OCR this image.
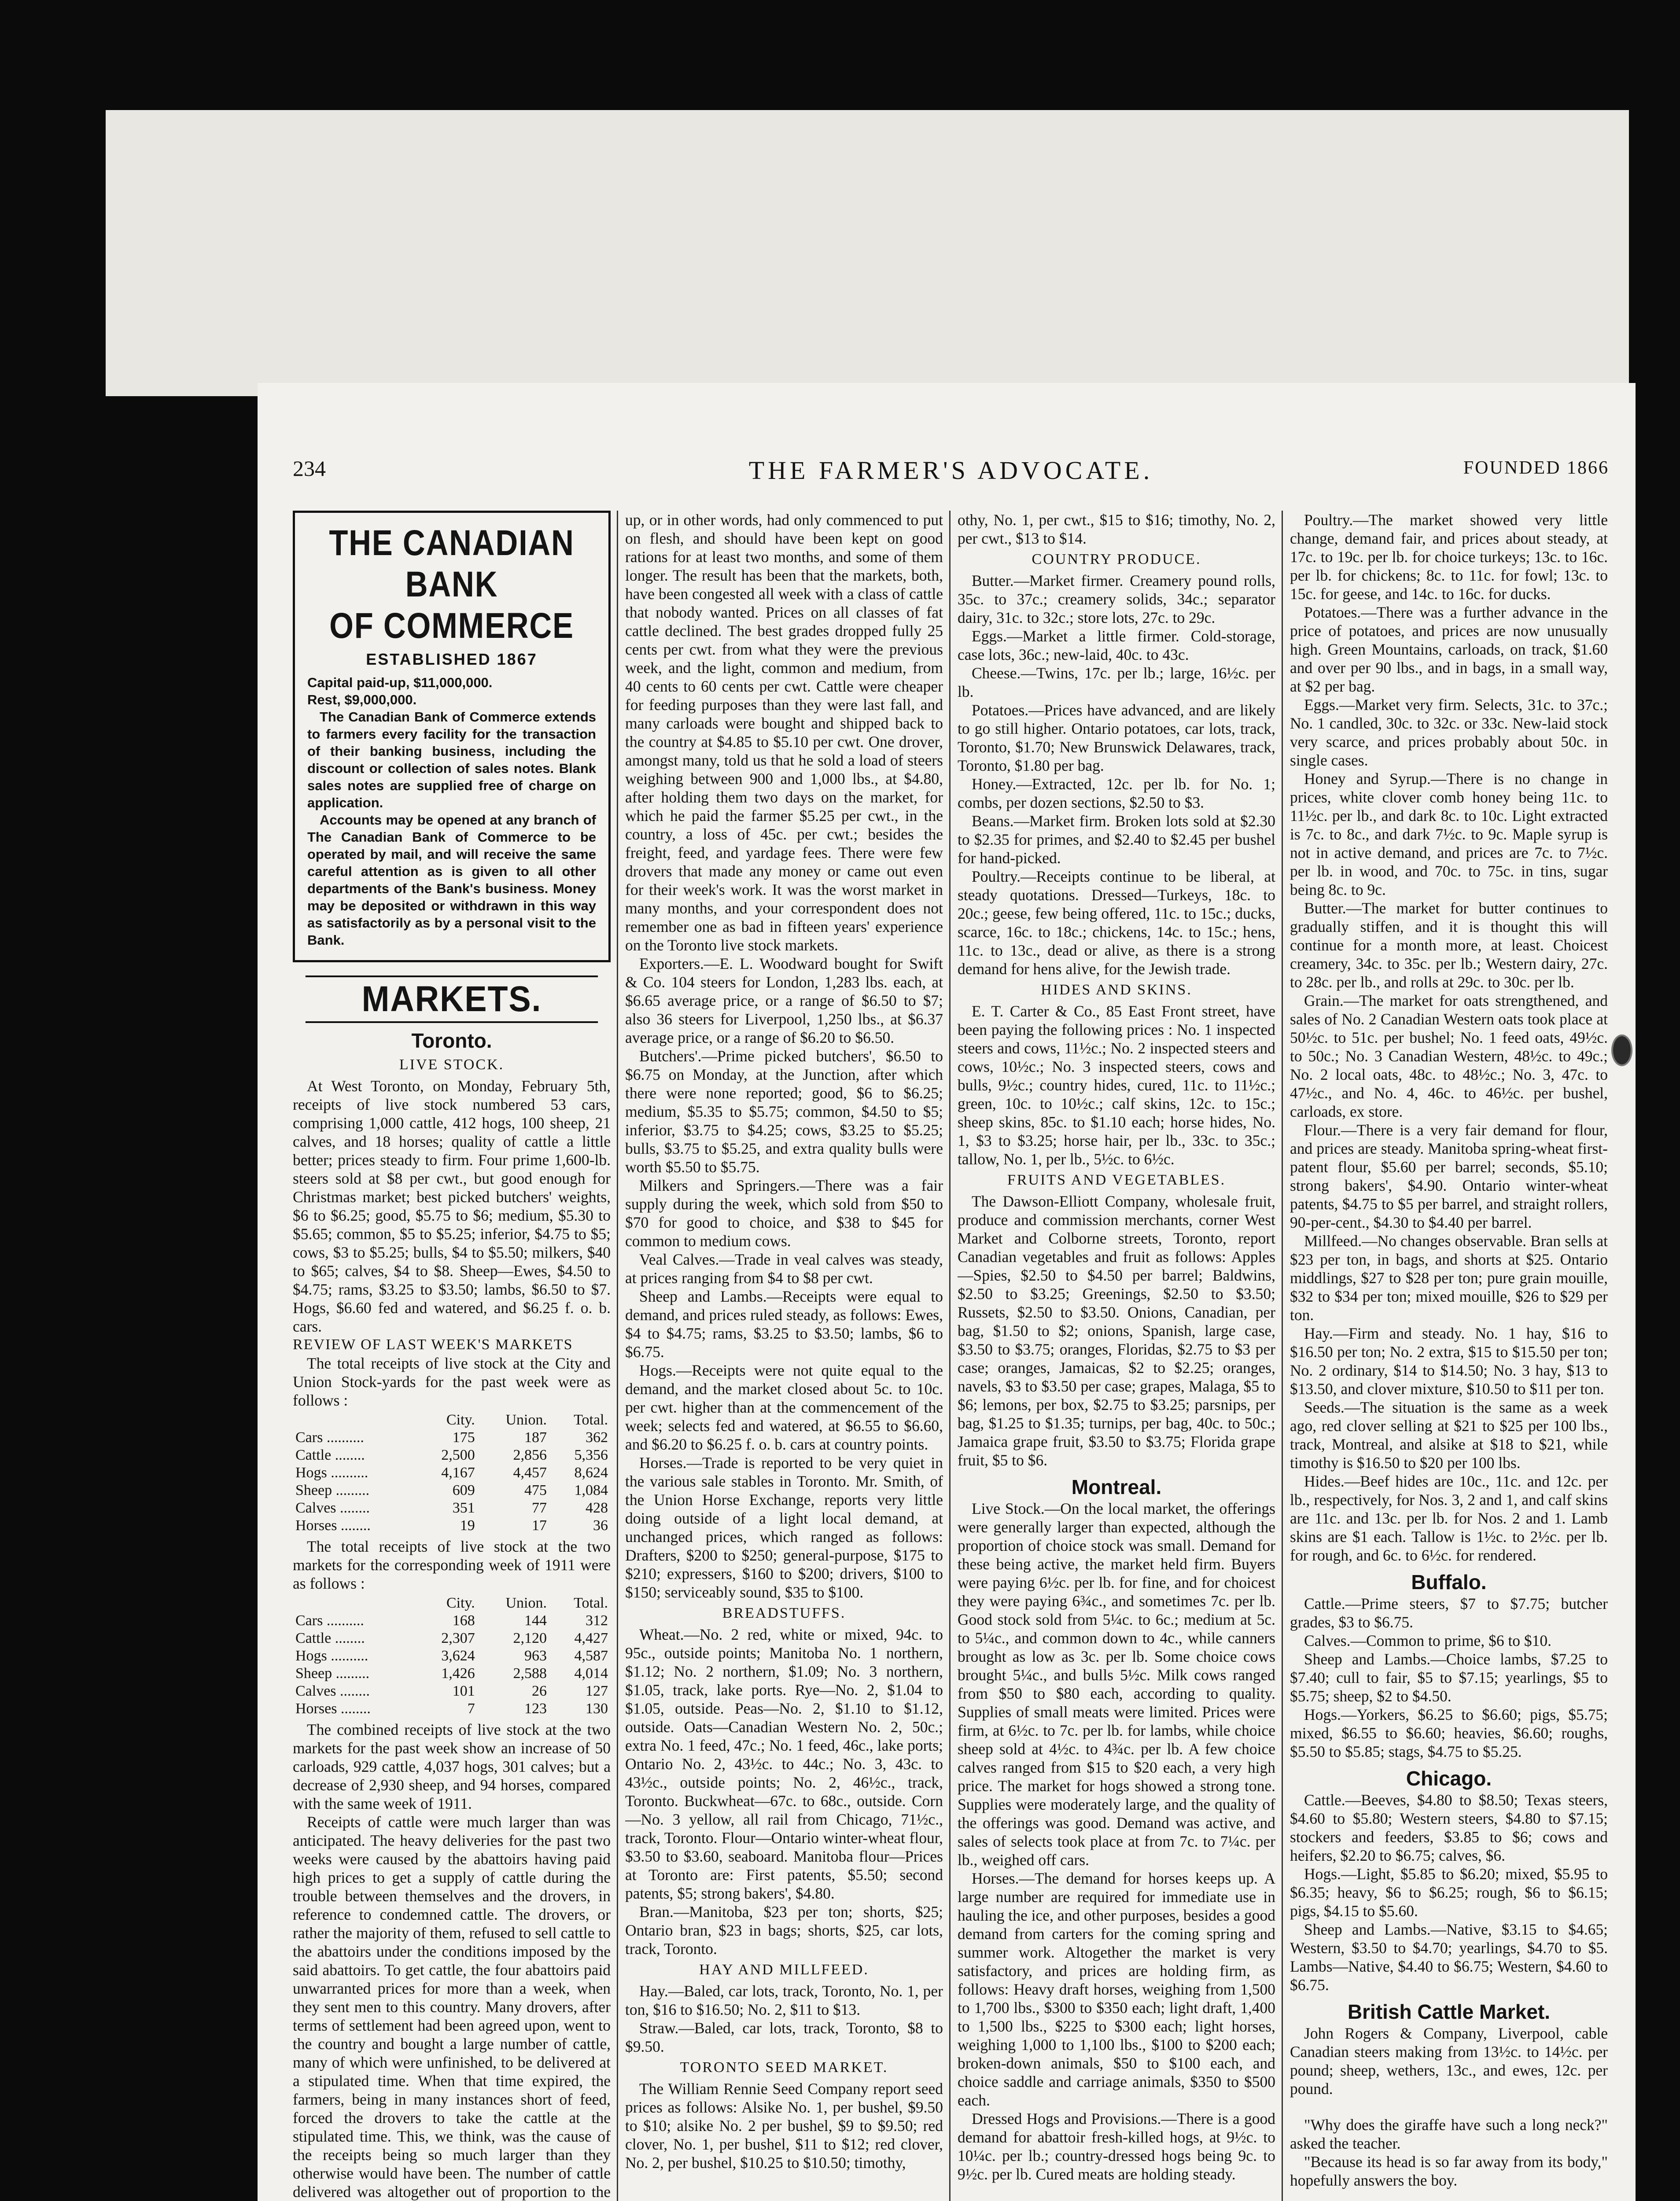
234	THE FARMER'S ADVOCATE.	FOUNDED 1866
THE CANADIAN BANK
OF COMMERCE
ESTABLISHED 1867

Capital paid-up, $11,000,000.

Rest, $9,000,000.

The Canadian Bank of Commerce extends to farmers every facility for the transaction of their banking business, including the discount or collection of sales notes. Blank sales notes are supplied free of charge on application.

Accounts may be opened at any branch of The Canadian Bank of Commerce to be operated by mail, and will receive the same careful attention as is given to all other departments of the Bank's business. Money may be deposited or withdrawn in this way as satisfactorily as by a personal visit to the Bank.

MARKETS.
Toronto.
LIVE STOCK.

At West Toronto, on Monday, February 5th, receipts of live stock numbered 53 cars, comprising 1,000 cattle, 412 hogs, 100 sheep, 21 calves, and 18 horses; quality of cattle a little better; prices steady to firm. Four prime 1,600-lb. steers sold at $8 per cwt., but good enough for Christmas market; best picked butchers' weights, $6 to $6.25; good, $5.75 to $6; medium, $5.30 to $5.65; common, $5 to $5.25; inferior, $4.75 to $5; cows, $3 to $5.25; bulls, $4 to $5.50; milkers, $40 to $65; calves, $4 to $8. Sheep—Ewes, $4.50 to $4.75; rams, $3.25 to $3.50; lambs, $6.50 to $7. Hogs, $6.60 fed and watered, and $6.25 f. o. b. cars.

REVIEW OF LAST WEEK'S MARKETS

The total receipts of live stock at the City and Union Stock-yards for the past week were as follows :

	City.	Union.	Total.
Cars ..........	175	187	362
Cattle ........	2,500	2,856	5,356
Hogs ..........	4,167	4,457	8,624
Sheep .........	609	475	1,084
Calves ........	351	77	428
Horses ........	19	17	36

The total receipts of live stock at the two markets for the corresponding week of 1911 were as follows :

	City.	Union.	Total.
Cars ..........	168	144	312
Cattle ........	2,307	2,120	4,427
Hogs ..........	3,624	963	4,587
Sheep .........	1,426	2,588	4,014
Calves ........	101	26	127
Horses ........	7	123	130

The combined receipts of live stock at the two markets for the past week show an increase of 50 carloads, 929 cattle, 4,037 hogs, 301 calves; but a decrease of 2,930 sheep, and 94 horses, compared with the same week of 1911.

Receipts of cattle were much larger than was anticipated. The heavy deliveries for the past two weeks were caused by the abattoirs having paid high prices to get a supply of cattle during the trouble between themselves and the drovers, in reference to condemned cattle. The drovers, or rather the majority of them, refused to sell cattle to the abattoirs under the conditions imposed by the said abattoirs. To get cattle, the four abattoirs paid unwarranted prices for more than a week, when they sent men to this country. Many drovers, after terms of settlement had been agreed upon, went to the country and bought a large number of cattle, many of which were unfinished, to be delivered at a stipulated time. When that time expired, the farmers, being in many instances short of feed, forced the drovers to take the cattle at the stipulated time. This, we think, was the cause of the receipts being so much larger than they otherwise would have been. The number of cattle delivered was altogether out of proportion to the

up, or in other words, had only commenced to put on flesh, and should have been kept on good rations for at least two months, and some of them longer. The result has been that the markets, both, have been congested all week with a class of cattle that nobody wanted. Prices on all classes of fat cattle declined. The best grades dropped fully 25 cents per cwt. from what they were the previous week, and the light, common and medium, from 40 cents to 60 cents per cwt. Cattle were cheaper for feeding purposes than they were last fall, and many carloads were bought and shipped back to the country at $4.85 to $5.10 per cwt. One drover, amongst many, told us that he sold a load of steers weighing between 900 and 1,000 lbs., at $4.80, after holding them two days on the market, for which he paid the farmer $5.25 per cwt., in the country, a loss of 45c. per cwt.; besides the freight, feed, and yardage fees. There were few drovers that made any money or came out even for their week's work. It was the worst market in many months, and your correspondent does not remember one as bad in fifteen years' experience on the Toronto live stock markets.

Exporters.—E. L. Woodward bought for Swift & Co. 104 steers for London, 1,283 lbs. each, at $6.65 average price, or a range of $6.50 to $7; also 36 steers for Liverpool, 1,250 lbs., at $6.37 average price, or a range of $6.20 to $6.50.

Butchers'.—Prime picked butchers', $6.50 to $6.75 on Monday, at the Junction, after which there were none reported; good, $6 to $6.25; medium, $5.35 to $5.75; common, $4.50 to $5; inferior, $3.75 to $4.25; cows, $3.25 to $5.25; bulls, $3.75 to $5.25, and extra quality bulls were worth $5.50 to $5.75.

Milkers and Springers.—There was a fair supply during the week, which sold from $50 to $70 for good to choice, and $38 to $45 for common to medium cows.

Veal Calves.—Trade in veal calves was steady, at prices ranging from $4 to $8 per cwt.

Sheep and Lambs.—Receipts were equal to demand, and prices ruled steady, as follows: Ewes, $4 to $4.75; rams, $3.25 to $3.50; lambs, $6 to $6.75.

Hogs.—Receipts were not quite equal to the demand, and the market closed about 5c. to 10c. per cwt. higher than at the commencement of the week; selects fed and watered, at $6.55 to $6.60, and $6.20 to $6.25 f. o. b. cars at country points.

Horses.—Trade is reported to be very quiet in the various sale stables in Toronto. Mr. Smith, of the Union Horse Exchange, reports very little doing outside of a light local demand, at unchanged prices, which ranged as follows: Drafters, $200 to $250; general-purpose, $175 to $210; expressers, $160 to $200; drivers, $100 to $150; serviceably sound, $35 to $100.

BREADSTUFFS.

Wheat.—No. 2 red, white or mixed, 94c. to 95c., outside points; Manitoba No. 1 northern, $1.12; No. 2 northern, $1.09; No. 3 northern, $1.05, track, lake ports. Rye—No. 2, $1.04 to $1.05, outside. Peas—No. 2, $1.10 to $1.12, outside. Oats—Canadian Western No. 2, 50c.; extra No. 1 feed, 47c.; No. 1 feed, 46c., lake ports; Ontario No. 2, 43½c. to 44c.; No. 3, 43c. to 43½c., outside points; No. 2, 46½c., track, Toronto. Buckwheat—67c. to 68c., outside. Corn—No. 3 yellow, all rail from Chicago, 71½c., track, Toronto. Flour—Ontario winter-wheat flour, $3.50 to $3.60, seaboard. Manitoba flour—Prices at Toronto are: First patents, $5.50; second patents, $5; strong bakers', $4.80.

Bran.—Manitoba, $23 per ton; shorts, $25; Ontario bran, $23 in bags; shorts, $25, car lots, track, Toronto.

HAY AND MILLFEED.

Hay.—Baled, car lots, track, Toronto, No. 1, per ton, $16 to $16.50; No. 2, $11 to $13.

Straw.—Baled, car lots, track, Toronto, $8 to $9.50.

TORONTO SEED MARKET.

The William Rennie Seed Company report seed prices as follows: Alsike No. 1, per bushel, $9.50 to $10; alsike No. 2 per bushel, $9 to $9.50; red clover, No. 1, per bushel, $11 to $12; red clover, No. 2, per bushel, $10.25 to $10.50; timothy,

othy, No. 1, per cwt., $15 to $16; timothy, No. 2, per cwt., $13 to $14.

COUNTRY PRODUCE.

Butter.—Market firmer. Creamery pound rolls, 35c. to 37c.; creamery solids, 34c.; separator dairy, 31c. to 32c.; store lots, 27c. to 29c.

Eggs.—Market a little firmer. Cold-storage, case lots, 36c.; new-laid, 40c. to 43c.

Cheese.—Twins, 17c. per lb.; large, 16½c. per lb.

Potatoes.—Prices have advanced, and are likely to go still higher. Ontario potatoes, car lots, track, Toronto, $1.70; New Brunswick Delawares, track, Toronto, $1.80 per bag.

Honey.—Extracted, 12c. per lb. for No. 1; combs, per dozen sections, $2.50 to $3.

Beans.—Market firm. Broken lots sold at $2.30 to $2.35 for primes, and $2.40 to $2.45 per bushel for hand-picked.

Poultry.—Receipts continue to be liberal, at steady quotations. Dressed—Turkeys, 18c. to 20c.; geese, few being offered, 11c. to 15c.; ducks, scarce, 16c. to 18c.; chickens, 14c. to 15c.; hens, 11c. to 13c., dead or alive, as there is a strong demand for hens alive, for the Jewish trade.

HIDES AND SKINS.

E. T. Carter & Co., 85 East Front street, have been paying the following prices : No. 1 inspected steers and cows, 11½c.; No. 2 inspected steers and cows, 10½c.; No. 3 inspected steers, cows and bulls, 9½c.; country hides, cured, 11c. to 11½c.; green, 10c. to 10½c.; calf skins, 12c. to 15c.; sheep skins, 85c. to $1.10 each; horse hides, No. 1, $3 to $3.25; horse hair, per lb., 33c. to 35c.; tallow, No. 1, per lb., 5½c. to 6½c.

FRUITS AND VEGETABLES.

The Dawson-Elliott Company, wholesale fruit, produce and commission merchants, corner West Market and Colborne streets, Toronto, report Canadian vegetables and fruit as follows: Apples—Spies, $2.50 to $4.50 per barrel; Baldwins, $2.50 to $3.25; Greenings, $2.50 to $3.50; Russets, $2.50 to $3.50. Onions, Canadian, per bag, $1.50 to $2; onions, Spanish, large case, $3.50 to $3.75; oranges, Floridas, $2.75 to $3 per case; oranges, Jamaicas, $2 to $2.25; oranges, navels, $3 to $3.50 per case; grapes, Malaga, $5 to $6; lemons, per box, $2.75 to $3.25; parsnips, per bag, $1.25 to $1.35; turnips, per bag, 40c. to 50c.; Jamaica grape fruit, $3.50 to $3.75; Florida grape fruit, $5 to $6.

Montreal.

Live Stock.—On the local market, the offerings were generally larger than expected, although the proportion of choice stock was small. Demand for these being active, the market held firm. Buyers were paying 6½c. per lb. for fine, and for choicest they were paying 6¾c., and sometimes 7c. per lb. Good stock sold from 5¼c. to 6c.; medium at 5c. to 5¼c., and common down to 4c., while canners brought as low as 3c. per lb. Some choice cows brought 5¼c., and bulls 5½c. Milk cows ranged from $50 to $80 each, according to quality. Supplies of small meats were limited. Prices were firm, at 6½c. to 7c. per lb. for lambs, while choice sheep sold at 4½c. to 4¾c. per lb. A few choice calves ranged from $15 to $20 each, a very high price. The market for hogs showed a strong tone. Supplies were moderately large, and the quality of the offerings was good. Demand was active, and sales of selects took place at from 7c. to 7¼c. per lb., weighed off cars.

Horses.—The demand for horses keeps up. A large number are required for immediate use in hauling the ice, and other purposes, besides a good demand from carters for the coming spring and summer work. Altogether the market is very satisfactory, and prices are holding firm, as follows: Heavy draft horses, weighing from 1,500 to 1,700 lbs., $300 to $350 each; light draft, 1,400 to 1,500 lbs., $225 to $300 each; light horses, weighing 1,000 to 1,100 lbs., $100 to $200 each; broken-down animals, $50 to $100 each, and choice saddle and carriage animals, $350 to $500 each.

Dressed Hogs and Provisions.—There is a good demand for abattoir fresh-killed hogs, at 9½c. to 10¼c. per lb.; country-dressed hogs being 9c. to 9½c. per lb. Cured meats are holding steady.

Poultry.—The market showed very little change, demand fair, and prices about steady, at 17c. to 19c. per lb. for choice turkeys; 13c. to 16c. per lb. for chickens; 8c. to 11c. for fowl; 13c. to 15c. for geese, and 14c. to 16c. for ducks.

Potatoes.—There was a further advance in the price of potatoes, and prices are now unusually high. Green Mountains, carloads, on track, $1.60 and over per 90 lbs., and in bags, in a small way, at $2 per bag.

Eggs.—Market very firm. Selects, 31c. to 37c.; No. 1 candled, 30c. to 32c. or 33c. New-laid stock very scarce, and prices probably about 50c. in single cases.

Honey and Syrup.—There is no change in prices, white clover comb honey being 11c. to 11½c. per lb., and dark 8c. to 10c. Light extracted is 7c. to 8c., and dark 7½c. to 9c. Maple syrup is not in active demand, and prices are 7c. to 7½c. per lb. in wood, and 70c. to 75c. in tins, sugar being 8c. to 9c.

Butter.—The market for butter continues to gradually stiffen, and it is thought this will continue for a month more, at least. Choicest creamery, 34c. to 35c. per lb.; Western dairy, 27c. to 28c. per lb., and rolls at 29c. to 30c. per lb.

Grain.—The market for oats strengthened, and sales of No. 2 Canadian Western oats took place at 50½c. to 51c. per bushel; No. 1 feed oats, 49½c. to 50c.; No. 3 Canadian Western, 48½c. to 49c.; No. 2 local oats, 48c. to 48½c.; No. 3, 47c. to 47½c., and No. 4, 46c. to 46½c. per bushel, carloads, ex store.

Flour.—There is a very fair demand for flour, and prices are steady. Manitoba spring-wheat first-patent flour, $5.60 per barrel; seconds, $5.10; strong bakers', $4.90. Ontario winter-wheat patents, $4.75 to $5 per barrel, and straight rollers, 90-per-cent., $4.30 to $4.40 per barrel.

Millfeed.—No changes observable. Bran sells at $23 per ton, in bags, and shorts at $25. Ontario middlings, $27 to $28 per ton; pure grain mouille, $32 to $34 per ton; mixed mouille, $26 to $29 per ton.

Hay.—Firm and steady. No. 1 hay, $16 to $16.50 per ton; No. 2 extra, $15 to $15.50 per ton; No. 2 ordinary, $14 to $14.50; No. 3 hay, $13 to $13.50, and clover mixture, $10.50 to $11 per ton.

Seeds.—The situation is the same as a week ago, red clover selling at $21 to $25 per 100 lbs., track, Montreal, and alsike at $18 to $21, while timothy is $16.50 to $20 per 100 lbs.

Hides.—Beef hides are 10c., 11c. and 12c. per lb., respectively, for Nos. 3, 2 and 1, and calf skins are 11c. and 13c. per lb. for Nos. 2 and 1. Lamb skins are $1 each. Tallow is 1½c. to 2½c. per lb. for rough, and 6c. to 6½c. for rendered.

Buffalo.

Cattle.—Prime steers, $7 to $7.75; butcher grades, $3 to $6.75.

Calves.—Common to prime, $6 to $10.

Sheep and Lambs.—Choice lambs, $7.25 to $7.40; cull to fair, $5 to $7.15; yearlings, $5 to $5.75; sheep, $2 to $4.50.

Hogs.—Yorkers, $6.25 to $6.60; pigs, $5.75; mixed, $6.55 to $6.60; heavies, $6.60; roughs, $5.50 to $5.85; stags, $4.75 to $5.25.

Chicago.

Cattle.—Beeves, $4.80 to $8.50; Texas steers, $4.60 to $5.80; Western steers, $4.80 to $7.15; stockers and feeders, $3.85 to $6; cows and heifers, $2.20 to $6.75; calves, $6.

Hogs.—Light, $5.85 to $6.20; mixed, $5.95 to $6.35; heavy, $6 to $6.25; rough, $6 to $6.15; pigs, $4.15 to $5.60.

Sheep and Lambs.—Native, $3.15 to $4.65; Western, $3.50 to $4.70; yearlings, $4.70 to $5. Lambs—Native, $4.40 to $6.75; Western, $4.60 to $6.75.

British Cattle Market.

John Rogers & Company, Liverpool, cable Canadian steers making from 13½c. to 14½c. per pound; sheep, wethers, 13c., and ewes, 12c. per pound.

"Why does the giraffe have such a long neck?" asked the teacher.

"Because its head is so far away from its body," hopefully answers the boy.
